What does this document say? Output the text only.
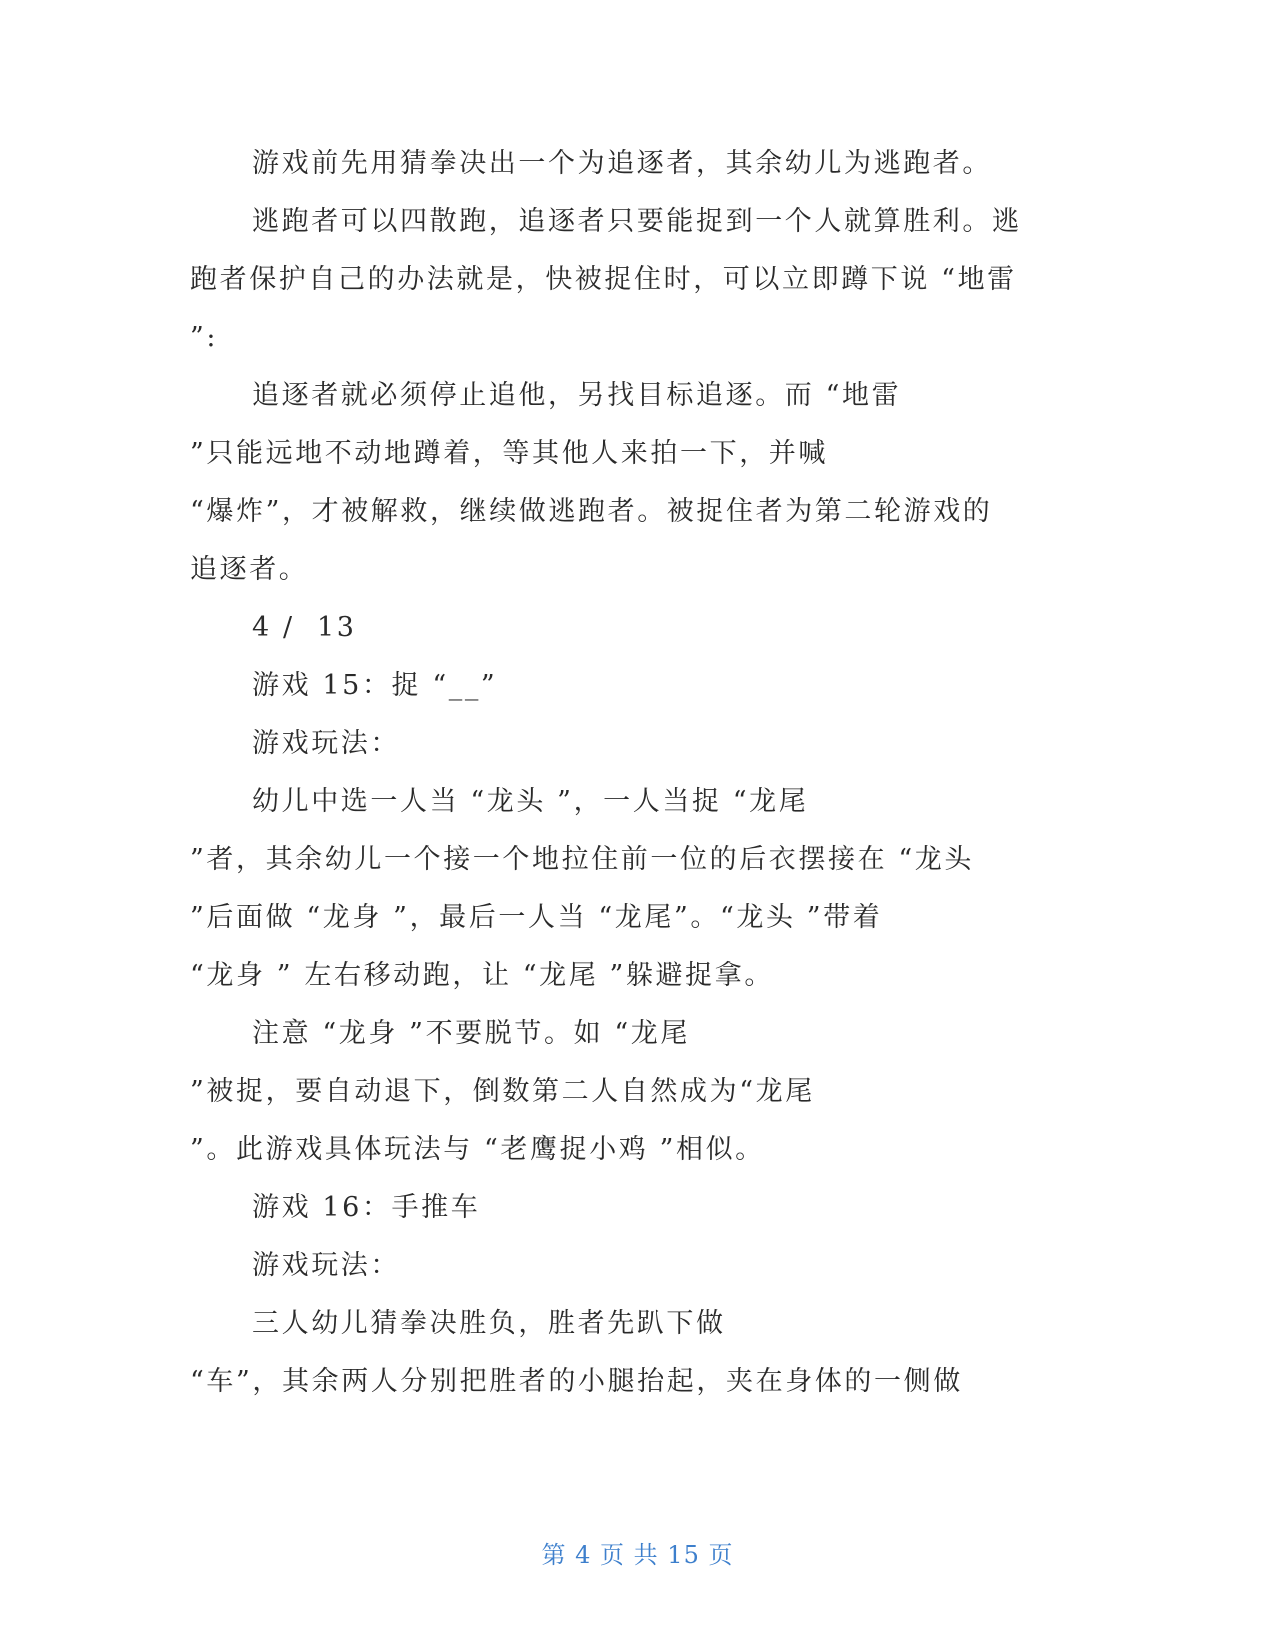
游戏前先用猜拳决出一个为追逐者，其余幼儿为逃跑者。
逃跑者可以四散跑，追逐者只要能捉到一个人就算胜利。逃
跑者保护自己的办法就是，快被捉住时，可以立即蹲下说 “地雷
”:
追逐者就必须停止追他，另找目标追逐。而 “地雷
”只能远地不动地蹲着，等其他人来拍一下，并喊
“爆炸”，才被解救，继续做逃跑者。被捉住者为第二轮游戏的
追逐者。
4 /  13
游戏 15：捉 “__”
游戏玩法：
幼儿中选一人当 “龙头 ”，一人当捉 “龙尾
”者，其余幼儿一个接一个地拉住前一位的后衣摆接在 “龙头
”后面做 “龙身 ”，最后一人当 “龙尾”。“龙头 ”带着
“龙身 ” 左右移动跑，让 “龙尾 ”躲避捉拿。
注意 “龙身 ”不要脱节。如 “龙尾
”被捉，要自动退下，倒数第二人自然成为“龙尾
”。此游戏具体玩法与 “老鹰捉小鸡 ”相似。
游戏 16：手推车
游戏玩法：
三人幼儿猜拳决胜负，胜者先趴下做
“车”，其余两人分别把胜者的小腿抬起，夹在身体的一侧做
第 4 页 共 15 页
